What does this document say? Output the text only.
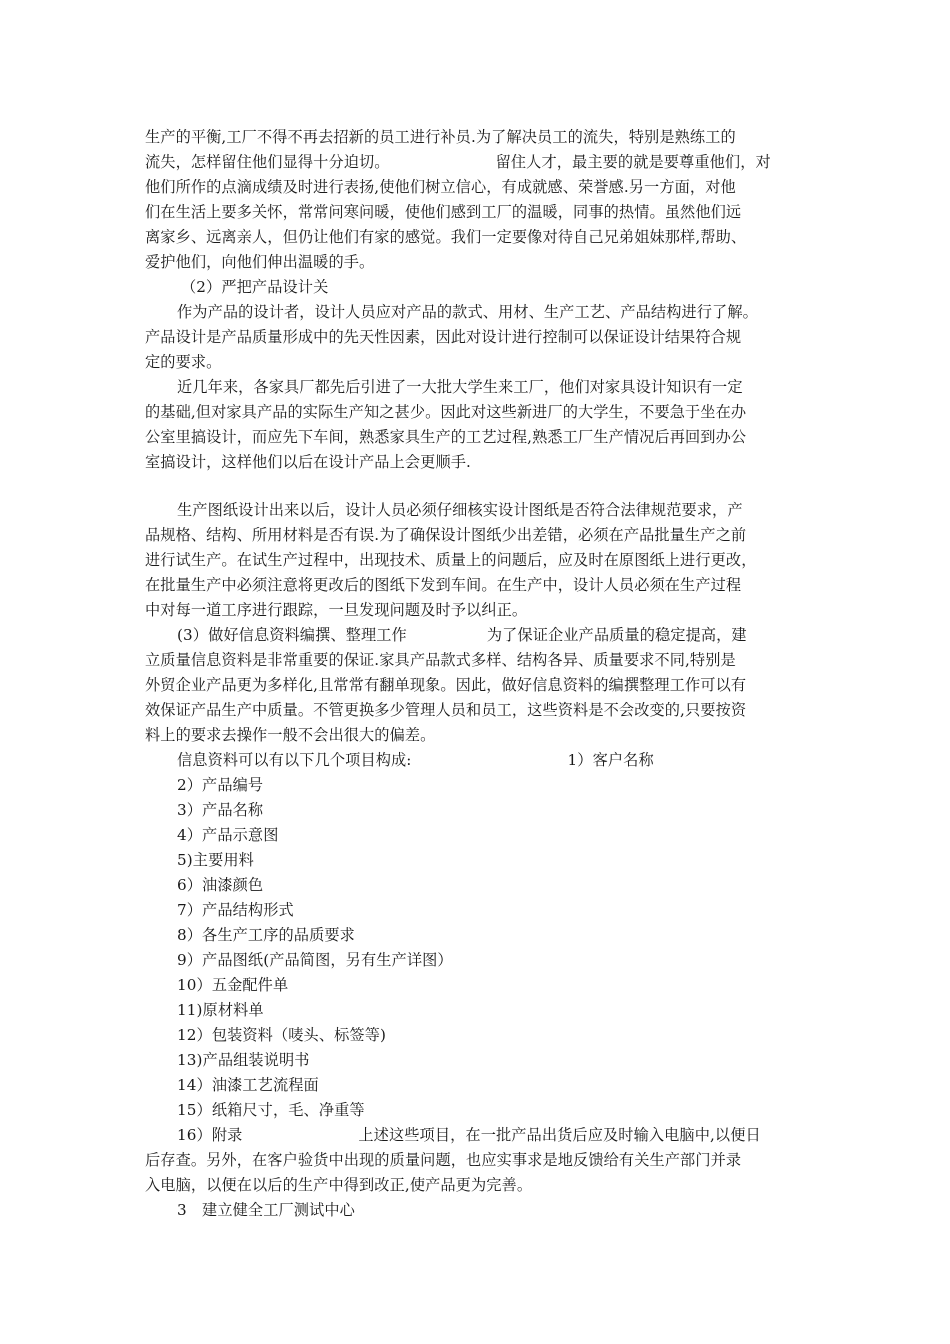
生产的平衡,工厂不得不再去招新的员工进行补员.为了解决员工的流失，特别是熟练工的
流失，怎样留住他们显得十分迫切。	留住人才，最主要的就是要尊重他们，对
他们所作的点滴成绩及时进行表扬,使他们树立信心，有成就感、荣誉感.另一方面，对他
们在生活上要多关怀，常常问寒问暖，使他们感到工厂的温暖，同事的热情。虽然他们远
离家乡、远离亲人，但仍让他们有家的感觉。我们一定要像对待自己兄弟姐妹那样,帮助、
爱护他们，向他们伸出温暖的手。
（2）严把产品设计关
作为产品的设计者，设计人员应对产品的款式、用材、生产工艺、产品结构进行了解。
产品设计是产品质量形成中的先天性因素，因此对设计进行控制可以保证设计结果符合规
定的要求。
近几年来，各家具厂都先后引进了一大批大学生来工厂，他们对家具设计知识有一定
的基础,但对家具产品的实际生产知之甚少。因此对这些新进厂的大学生，不要急于坐在办
公室里搞设计，而应先下车间，熟悉家具生产的工艺过程,熟悉工厂生产情况后再回到办公
室搞设计，这样他们以后在设计产品上会更顺手.
生产图纸设计出来以后，设计人员必须仔细核实设计图纸是否符合法律规范要求，产
品规格、结构、所用材料是否有误.为了确保设计图纸少出差错，必须在产品批量生产之前
进行试生产。在试生产过程中，出现技术、质量上的问题后，应及时在原图纸上进行更改，
在批量生产中必须注意将更改后的图纸下发到车间。在生产中，设计人员必须在生产过程
中对每一道工序进行跟踪，一旦发现问题及时予以纠正。
(3）做好信息资料编撰、整理工作	为了保证企业产品质量的稳定提高，建
立质量信息资料是非常重要的保证.家具产品款式多样、结构各异、质量要求不同,特别是
外贸企业产品更为多样化,且常常有翻单现象。因此，做好信息资料的编撰整理工作可以有
效保证产品生产中质量。不管更换多少管理人员和员工，这些资料是不会改变的,只要按资
料上的要求去操作一般不会出很大的偏差。
信息资料可以有以下几个项目构成:	1）客户名称
2）产品编号
3）产品名称
4）产品示意图
5)主要用料
6）油漆颜色
7）产品结构形式
8）各生产工序的品质要求
9）产品图纸(产品简图，另有生产详图）
10）五金配件单
11)原材料单
12）包装资料（唛头、标签等)
13)产品组装说明书
14）油漆工艺流程面
15）纸箱尺寸，毛、净重等
16）附录	上述这些项目，在一批产品出货后应及时输入电脑中,以便日
后存查。另外，在客户验货中出现的质量问题，也应实事求是地反馈给有关生产部门并录
入电脑，以便在以后的生产中得到改正,使产品更为完善。
3　建立健全工厂测试中心
